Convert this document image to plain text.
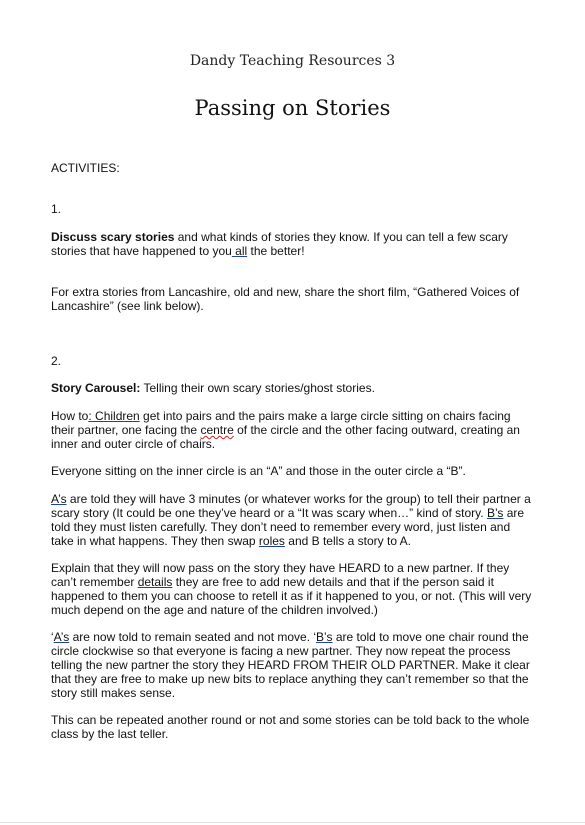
Dandy Teaching Resources 3
Passing on Stories
ACTIVITIES:
1.
Discuss scary stories and what kinds of stories they know. If you can tell a few scary stories that have happened to you all the better!
For extra stories from Lancashire, old and new, share the short film, “Gathered Voices of Lancashire” (see link below).
2.
Story Carousel: Telling their own scary stories/ghost stories.
How to: Children get into pairs and the pairs make a large circle sitting on chairs facing their partner, one facing the centre of the circle and the other facing outward, creating an inner and outer circle of chairs.
Everyone sitting on the inner circle is an “A” and those in the outer circle a “B”.
A’s are told they will have 3 minutes (or whatever works for the group) to tell their partner a scary story (It could be one they’ve heard or a “It was scary when…” kind of story. B’s are told they must listen carefully. They don’t need to remember every word, just listen and take in what happens. They then swap roles and B tells a story to A.
Explain that they will now pass on the story they have HEARD to a new partner. If they can’t remember details they are free to add new details and that if the person said it happened to them you can choose to retell it as if it happened to you, or not. (This will very much depend on the age and nature of the children involved.)
‘A’s are now told to remain seated and not move. ‘B’s are told to move one chair round the circle clockwise so that everyone is facing a new partner. They now repeat the process telling the new partner the story they HEARD FROM THEIR OLD PARTNER. Make it clear that they are free to make up new bits to replace anything they can’t remember so that the story still makes sense.
This can be repeated another round or not and some stories can be told back to the whole class by the last teller.
